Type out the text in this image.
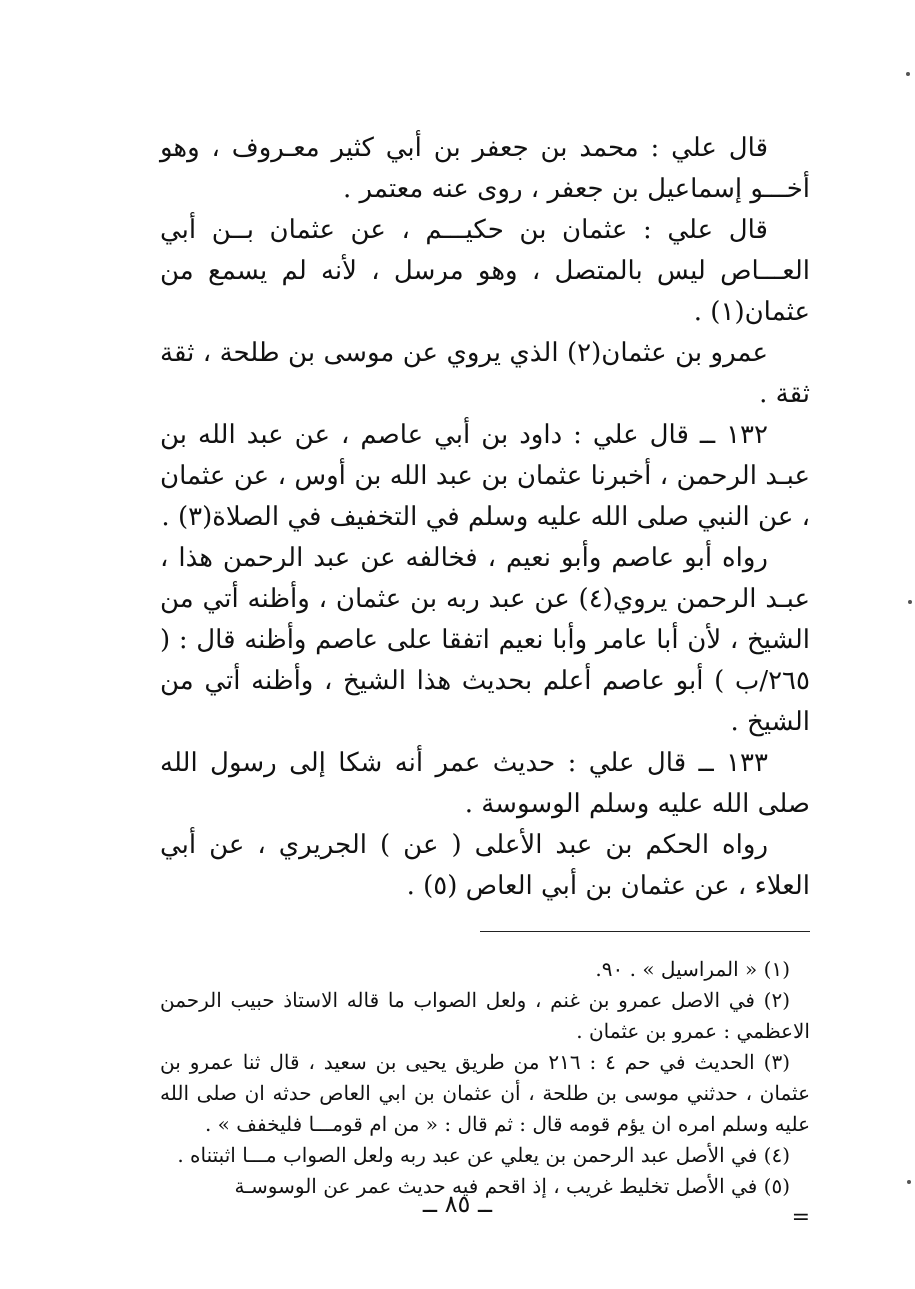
قال علي : محمد بن جعفر بن أبي كثير معـروف ، وهو أخـــو إسماعيل بن جعفر ، روى عنه معتمر .

قال علي : عثمان بن حكيـــم ، عن عثمان بــن أبي العـــاص ليس بالمتصل ، وهو مرسل ، لأنه لم يسمع من عثمان(١) .

عمرو بن عثمان(٢) الذي يروي عن موسى بن طلحة ، ثقة ثقة .

١٣٢ ــ قال علي : داود بن أبي عاصم ، عن عبد الله بن عبـد الرحمن ، أخبرنا عثمان بن عبد الله بن أوس ، عن عثمان ، عن النبي صلى الله عليه وسلم في التخفيف في الصلاة(٣) .

رواه أبو عاصم وأبو نعيم ، فخالفه عن عبد الرحمن هذا ، عبـد الرحمن يروي(٤) عن عبد ربه بن عثمان ، وأظنه أتي من الشيخ ، لأن أبا عامر وأبا نعيم اتفقا على عاصم وأظنه قال : ( ٢٦٥/ب ) أبو عاصم أعلم بحديث هذا الشيخ ، وأظنه أتي من الشيخ .

١٣٣ ــ قال علي : حديث عمر أنه شكا إلى رسول الله صلى الله عليه وسلم الوسوسة .

رواه الحكم بن عبد الأعلى ( عن ) الجريري ، عن أبي العلاء ، عن عثمان بن أبي العاص (٥) .

(١) « المراسيل » . ٩٠.

(٢) في الاصل عمرو بن غنم ، ولعل الصواب ما قاله الاستاذ حبيب الرحمن الاعظمي : عمرو بن عثمان .

(٣) الحديث في حم ٤ : ٢١٦ من طريق يحيى بن سعيد ، قال ثنا عمرو بن عثمان ، حدثني موسى بن طلحة ، أن عثمان بن ابي العاص حدثه ان صلى الله عليه وسلم امره ان يؤم قومه قال : ثم قال : « من ام قومـــا فليخفف » .

(٤) في الأصل عبد الرحمن بن يعلي عن عبد ربه ولعل الصواب مـــا اثبتناه .

(٥) في الأصل تخليط غريب ، إذ اقحم فيه حديث عمر عن الوسوسـة

=

ــ ٨٥ ــ
